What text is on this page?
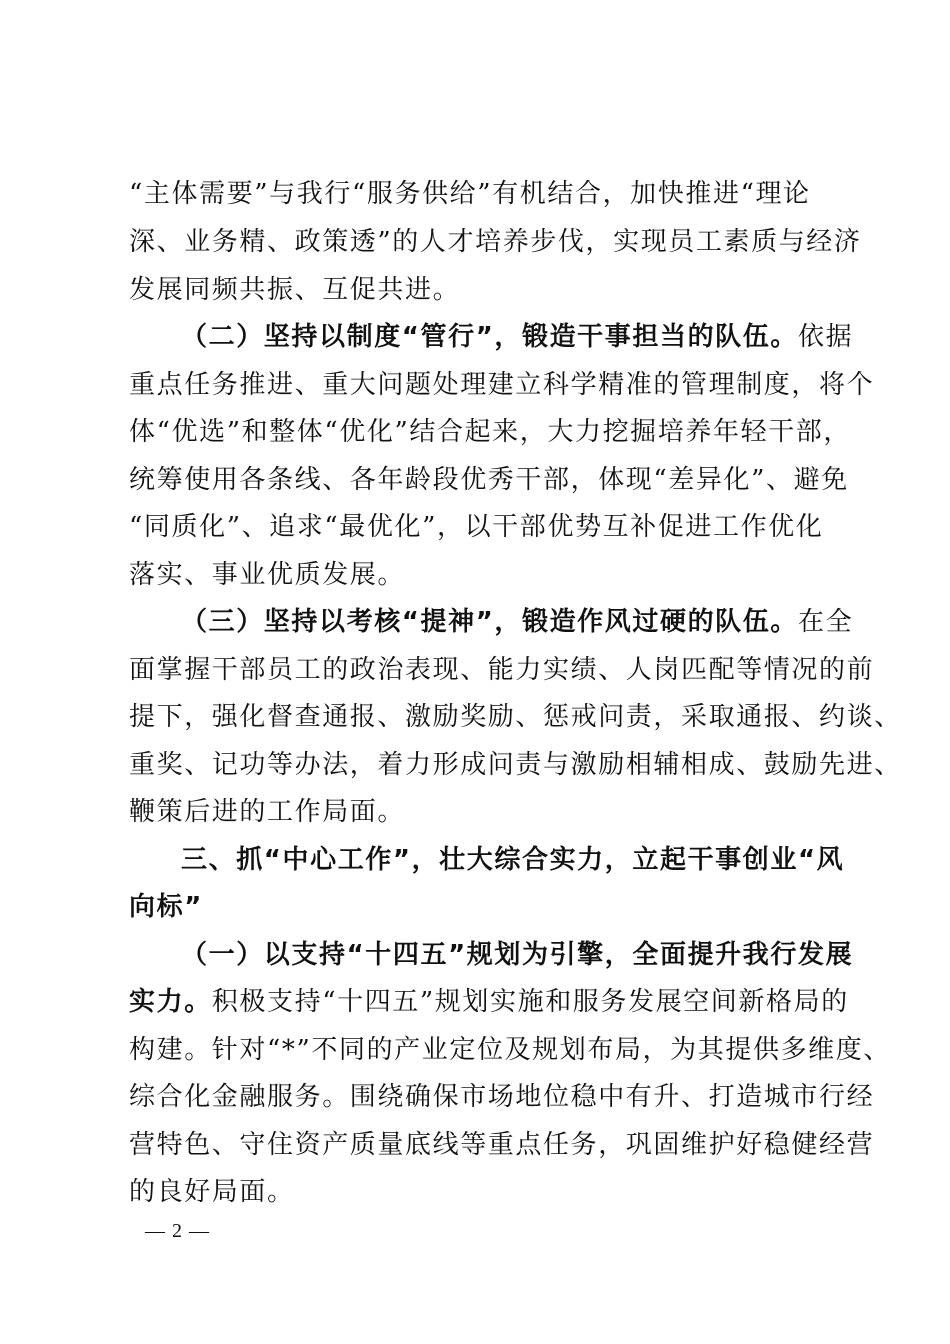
“主体需要”与我行“服务供给”有机结合，加快推进“理论

深、业务精、政策透”的人才培养步伐，实现员工素质与经济

发展同频共振、互促共进。

（二）坚持以制度“管行”，锻造干事担当的队伍。依据

重点任务推进、重大问题处理建立科学精准的管理制度，将个

体“优选”和整体“优化”结合起来，大力挖掘培养年轻干部，

统筹使用各条线、各年龄段优秀干部，体现“差异化”、避免

“同质化”、追求“最优化”，以干部优势互补促进工作优化

落实、事业优质发展。

（三）坚持以考核“提神”，锻造作风过硬的队伍。在全

面掌握干部员工的政治表现、能力实绩、人岗匹配等情况的前

提下，强化督查通报、激励奖励、惩戒问责，采取通报、约谈、

重奖、记功等办法，着力形成问责与激励相辅相成、鼓励先进、

鞭策后进的工作局面。

三、抓“中心工作”，壮大综合实力，立起干事创业“风

向标”

（一）以支持“十四五”规划为引擎，全面提升我行发展

实力。积极支持“十四五”规划实施和服务发展空间新格局的

构建。针对“*”不同的产业定位及规划布局，为其提供多维度、

综合化金融服务。围绕确保市场地位稳中有升、打造城市行经

营特色、守住资产质量底线等重点任务，巩固维护好稳健经营

的良好局面。

— 2 —
